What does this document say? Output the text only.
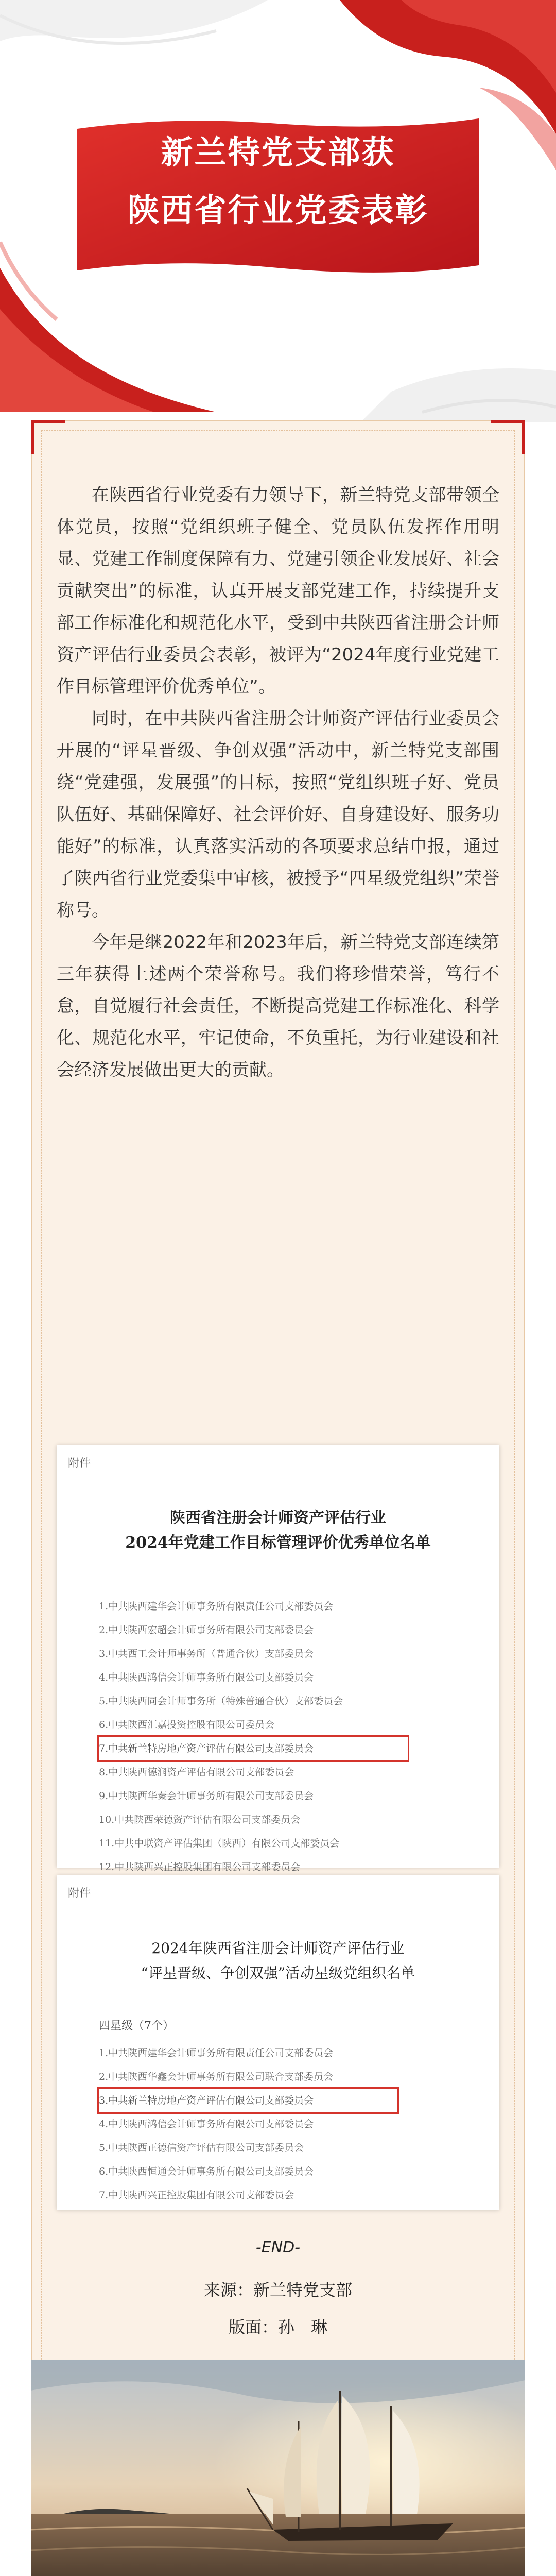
新兰特党支部获
陕西省行业党委表彰

在陕西省行业党委有力领导下，新兰特党支部带领全体党员，按照“党组织班子健全、党员队伍发挥作用明显、党建工作制度保障有力、党建引领企业发展好、社会贡献突出”的标准，认真开展支部党建工作，持续提升支部工作标准化和规范化水平，受到中共陕西省注册会计师资产评估行业委员会表彰，被评为“2024年度行业党建工作目标管理评价优秀单位”。

同时，在中共陕西省注册会计师资产评估行业委员会开展的“评星晋级、争创双强”活动中，新兰特党支部围绕“党建强，发展强”的目标，按照“党组织班子好、党员队伍好、基础保障好、社会评价好、自身建设好、服务功能好”的标准，认真落实活动的各项要求总结申报，通过了陕西省行业党委集中审核，被授予“四星级党组织”荣誉称号。

今年是继2022年和2023年后，新兰特党支部连续第三年获得上述两个荣誉称号。我们将珍惜荣誉，笃行不怠，自觉履行社会责任，不断提高党建工作标准化、科学化、规范化水平，牢记使命，不负重托，为行业建设和社会经济发展做出更大的贡献。

附件
陕西省注册会计师资产评估行业
2024年党建工作目标管理评价优秀单位名单
1.中共陕西建华会计师事务所有限责任公司支部委员会
2.中共陕西宏超会计师事务所有限公司支部委员会
3.中共西工会计师事务所（普通合伙）支部委员会
4.中共陕西鸿信会计师事务所有限公司支部委员会
5.中共陕西同会计师事务所（特殊普通合伙）支部委员会
6.中共陕西汇嘉投资控股有限公司委员会
7.中共新兰特房地产资产评估有限公司支部委员会
8.中共陕西德润资产评估有限公司支部委员会
9.中共陕西华秦会计师事务所有限公司支部委员会
10.中共陕西荣德资产评估有限公司支部委员会
11.中共中联资产评估集团（陕西）有限公司支部委员会
12.中共陕西兴正控股集团有限公司支部委员会
附件
2024年陕西省注册会计师资产评估行业
“评星晋级、争创双强”活动星级党组织名单
四星级（7个）
1.中共陕西建华会计师事务所有限责任公司支部委员会
2.中共陕西华鑫会计师事务所有限公司联合支部委员会
3.中共新兰特房地产资产评估有限公司支部委员会
4.中共陕西鸿信会计师事务所有限公司支部委员会
5.中共陕西正德信资产评估有限公司支部委员会
6.中共陕西恒通会计师事务所有限公司支部委员会
7.中共陕西兴正控股集团有限公司支部委员会
-END-
来源：新兰特党支部
版面：孙　琳
